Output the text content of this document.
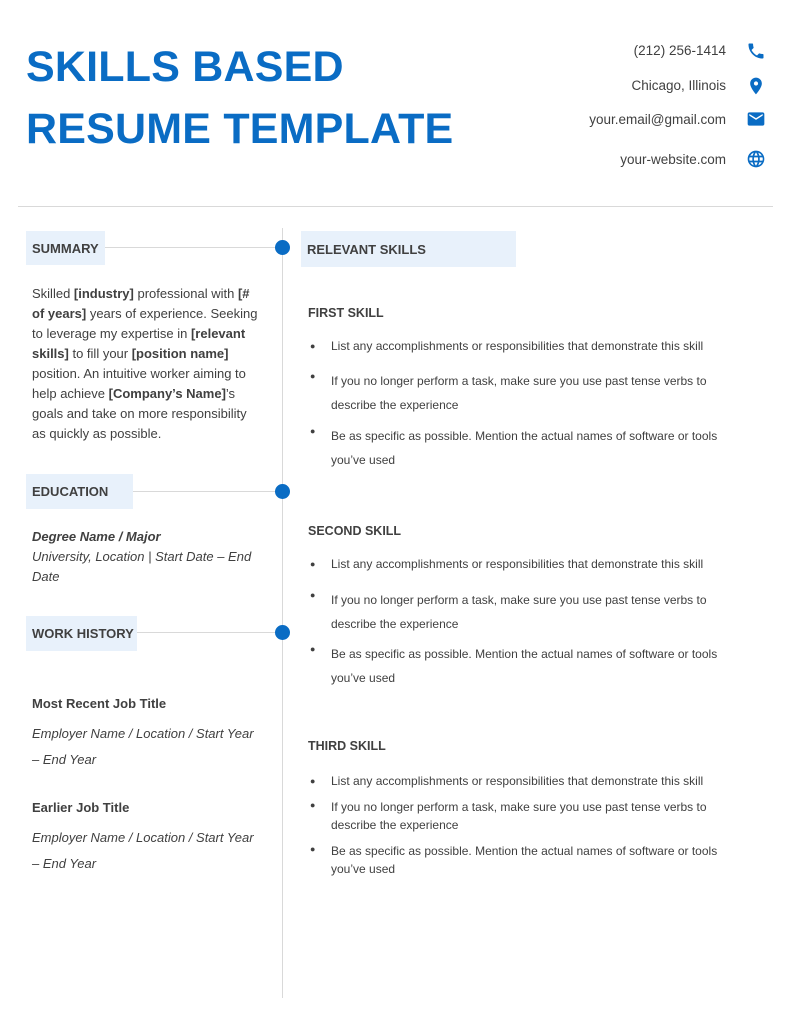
SKILLS BASED
RESUME TEMPLATE
(212) 256-1414
Chicago, Illinois
your.email@gmail.com
your-website.com
SUMMARY	RELEVANT SKILLS
Skilled [industry] professional with [# of years] years of experience. Seeking to leverage my expertise in [relevant skills] to fill your [position name] position. An intuitive worker aiming to help achieve [Company’s Name]’s goals and take on more responsibility as quickly as possible.
EDUCATION
Degree Name / Major
University, Location | Start Date – End Date
WORK HISTORY
Most Recent Job Title
Employer Name / Location / Start Year – End Year
Earlier Job Title
Employer Name / Location / Start Year – End Year
FIRST SKILL
● List any accomplishments or responsibilities that demonstrate this skill
● If you no longer perform a task, make sure you use past tense verbs to describe the experience
● Be as specific as possible. Mention the actual names of software or tools you’ve used
SECOND SKILL
● List any accomplishments or responsibilities that demonstrate this skill
● If you no longer perform a task, make sure you use past tense verbs to describe the experience
● Be as specific as possible. Mention the actual names of software or tools you’ve used
THIRD SKILL
● List any accomplishments or responsibilities that demonstrate this skill
● If you no longer perform a task, make sure you use past tense verbs to describe the experience
● Be as specific as possible. Mention the actual names of software or tools you’ve used
